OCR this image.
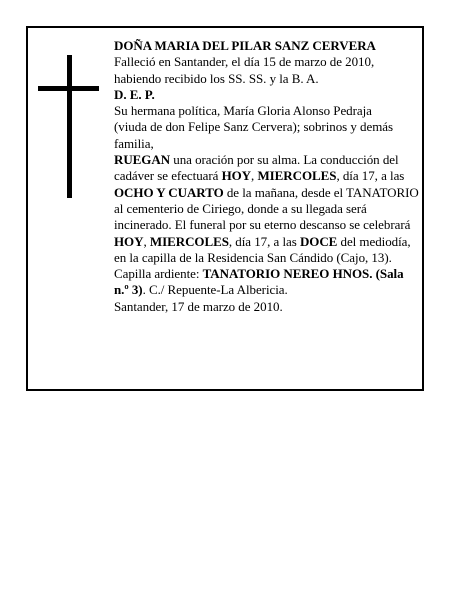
DOÑA MARIA DEL PILAR SANZ CERVERA

Falleció en Santander, el día 15 de marzo de 2010,

habiendo recibido los SS. SS. y la B. A.

D. E. P.

Su hermana política, María Gloria Alonso Pedraja

(viuda de don Felipe Sanz Cervera); sobrinos y demás

familia,

RUEGAN una oración por su alma. La conducción del cadáver se efectuará HOY, MIERCOLES, día 17, a las OCHO Y CUARTO de la mañana, desde el TANATORIO al cementerio de Ciriego, donde a su llegada será incinerado. El funeral por su eterno descanso se celebrará HOY, MIERCOLES, día 17, a las DOCE del mediodía, en la capilla de la Residencia San Cándido (Cajo, 13). Capilla ardiente: TANATORIO NEREO HNOS. (Sala n.º 3). C./ Repuente-La Albericia.

Santander, 17 de marzo de 2010.
